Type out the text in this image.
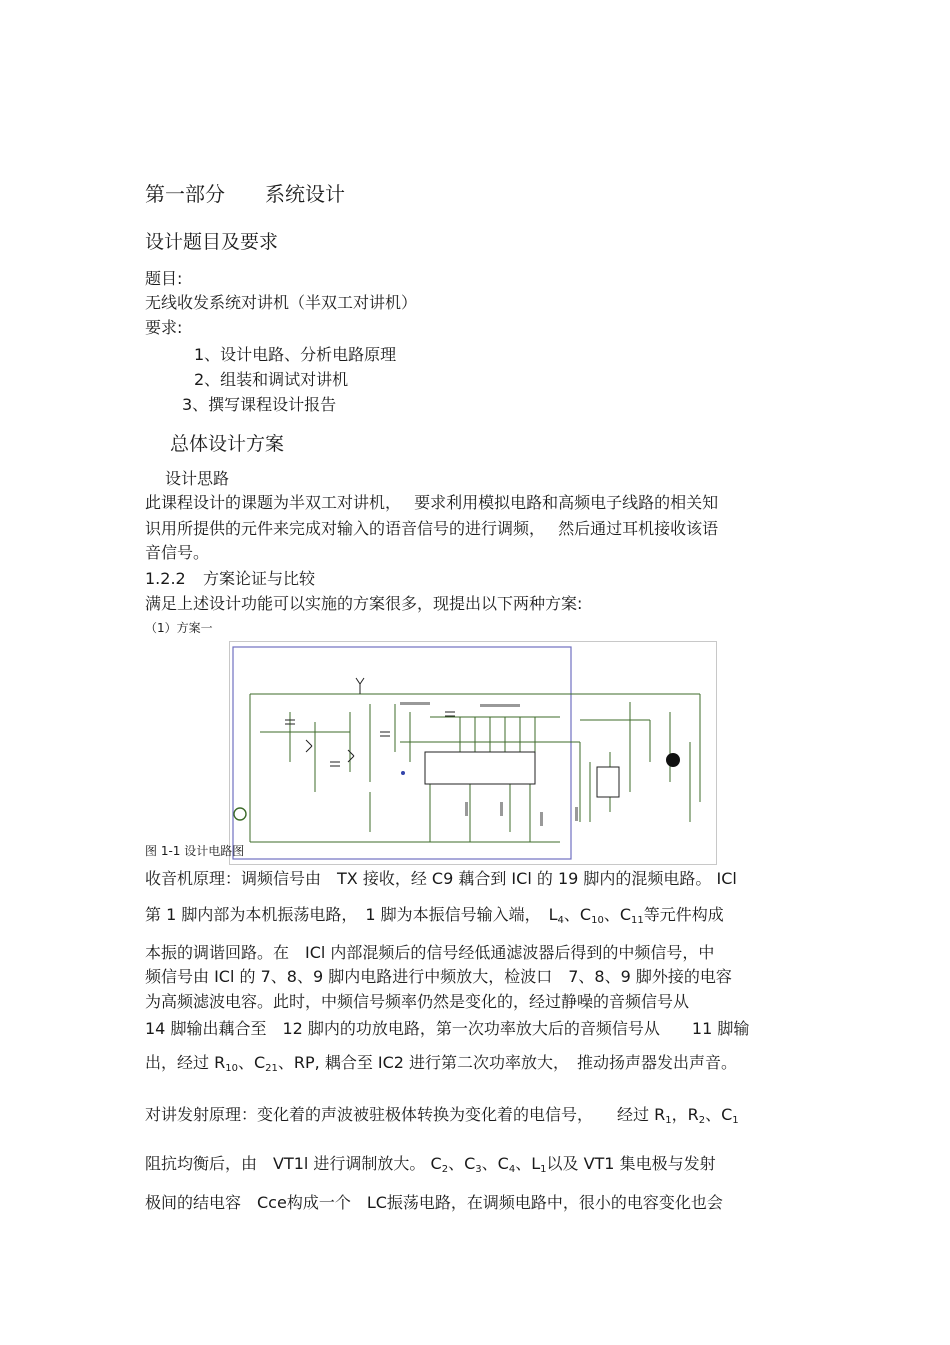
第一部分　　系统设计
设计题目及要求
题目:
无线收发系统对讲机（半双工对讲机）
要求:
1、设计电路、分析电路原理
2、组装和调试对讲机
3、撰写课程设计报告
总体设计方案
设计思路
此课程设计的课题为半双工对讲机，　 要求利用模拟电路和高频电子线路的相关知
识用所提供的元件来完成对输入的语音信号的进行调频，　 然后通过耳机接收该语
音信号。
1.2.2 方案论证与比较
满足上述设计功能可以实施的方案很多，现提出以下两种方案:
（1）方案一
图 1-1 设计电路图
收音机原理：调频信号由　TX 接收，经 C9 藕合到 ICl 的 19 脚内的混频电路。 ICl
第 1 脚内部为本机振荡电路，　1 脚为本振信号输入端，　$L_4$、$C_{10}$、$C_{11}$等元件构成
本振的调谐回路。在　ICl 内部混频后的信号经低通滤波器后得到的中频信号，中
频信号由 ICl 的 7、8、9 脚内电路进行中频放大，检波口　7、8、9 脚外接的电容
为高频滤波电容。此时，中频信号频率仍然是变化的，经过静噪的音频信号从
14 脚输出藕合至　12 脚内的功放电路，第一次功率放大后的音频信号从　　11 脚输
出，经过 $R_{10}$、$C_{21}$、RP, 耦合至 IC2 进行第二次功率放大，　推动扬声器发出声音。
对讲发射原理：变化着的声波被驻极体转换为变化着的电信号，　　经过 $R_1$，$R_2$、$C_1$
阻抗均衡后，由　VT1l 进行调制放大。 $C_2$、$C_3$、$C_4$、$L_1$以及 VT1 集电极与发射
极间的结电容　Cce构成一个　LC振荡电路，在调频电路中，很小的电容变化也会
